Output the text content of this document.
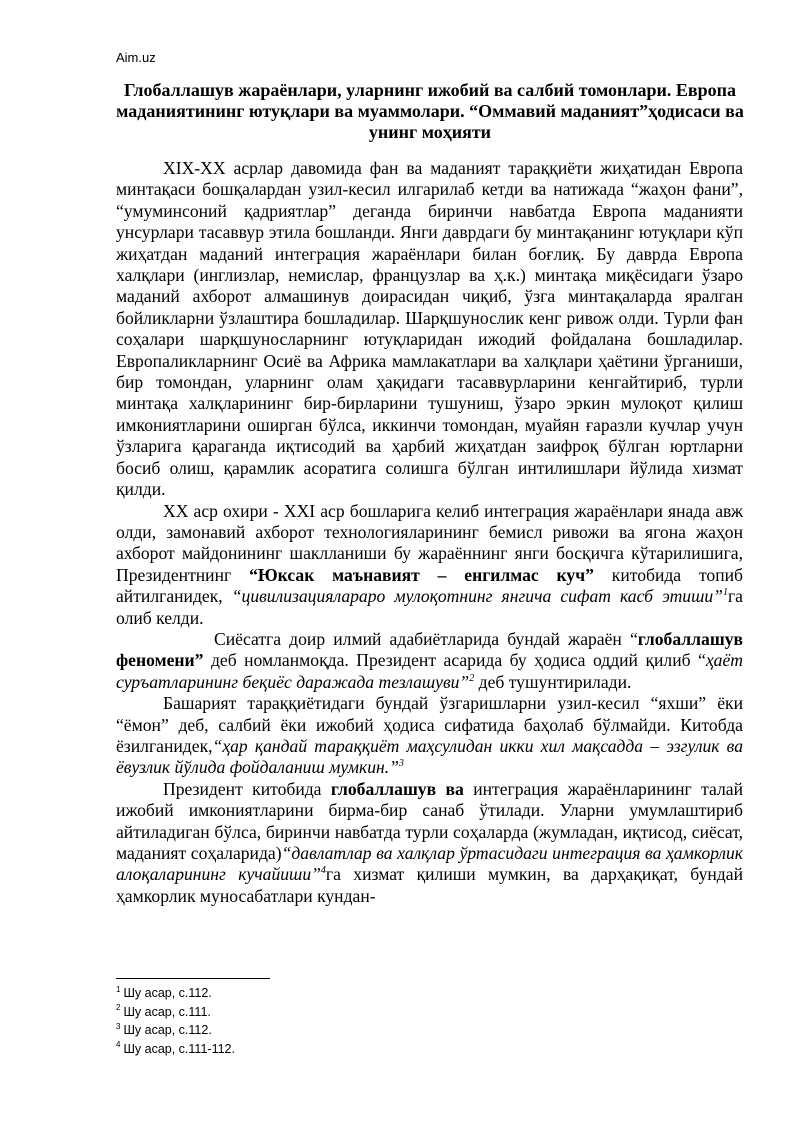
Aim.uz
Глобаллашув жараёнлари, уларнинг ижобий ва салбий томонлари. Европа маданиятининг ютуқлари ва муаммолари. “Оммавий маданият”ҳодисаси ва унинг моҳияти

XIX-XX асрлар давомида фан ва маданият тараққиёти жиҳатидан Европа минтақаси бошқалардан узил-кесил илгарилаб кетди ва натижада “жаҳон фани”, “умуминсоний қадриятлар” деганда биринчи навбатда Европа маданияти унсурлари тасаввур этила бошланди. Янги даврдаги бу минтақанинг ютуқлари кўп жиҳатдан маданий интеграция жараёнлари билан боғлиқ. Бу даврда Европа халқлари (инглизлар, немислар, французлар ва ҳ.к.) минтақа миқёсидаги ўзаро маданий ахборот алмашинув доирасидан чиқиб, ўзга минтақаларда яралган бойликларни ўзлаштира бошладилар. Шарқшунослик кенг ривож олди. Турли фан соҳалари шарқшуносларнинг ютуқларидан ижодий фойдалана бошладилар. Европаликларнинг Осиё ва Африка мамлакатлари ва халқлари ҳаётини ўрганиши, бир томондан, уларнинг олам ҳақидаги тасаввурларини кенгайтириб, турли минтақа халқларининг бир-бирларини тушуниш, ўзаро эркин мулоқот қилиш имкониятларини оширган бўлса, иккинчи томондан, муайян ғаразли кучлар учун ўзларига қараганда иқтисодий ва ҳарбий жиҳатдан заифроқ бўлган юртларни босиб олиш, қарамлик асоратига солишга бўлган интилишлари йўлида хизмат қилди.

XX аср охири - XXI аср бошларига келиб интеграция жараёнлари янада авж олди, замонавий ахборот технологияларининг бемисл ривожи ва ягона жаҳон ахборот майдонининг шаклланиши бу жараённинг янги босқичга кўтарилишига, Президентнинг “Юксак маънавият – енгилмас куч” китобида топиб айтилганидек, “цивилизациялараро мулоқотнинг янгича сифат касб этиши”$^1$га олиб келди.

Сиёсатга доир илмий адабиётларида бундай жараён “глобаллашув феномени” деб номланмоқда. Президент асарида бу ҳодиса оддий қилиб “ҳаёт суръатларининг беқиёс даражада тезлашуви”$^2$ деб тушунтирилади.

Башарият тараққиётидаги бундай ўзгаришларни узил-кесил “яхши” ёки “ёмон” деб, салбий ёки ижобий ҳодиса сифатида баҳолаб бўлмайди. Китобда ёзилганидек,“ҳар қандай тараққиёт маҳсулидан икки хил мақсадда – эзгулик ва ёвузлик йўлида фойдаланиш мумкин.”$^3$

Президент китобида глобаллашув ва интеграция жараёнларининг талай ижобий имкониятларини бирма-бир санаб ўтилади. Уларни умумлаштириб айтиладиган бўлса, биринчи навбатда турли соҳаларда (жумладан, иқтисод, сиёсат, маданият соҳаларида)“давлатлар ва халқлар ўртасидаги интеграция ва ҳамкорлик алоқаларининг кучайиши”$^4$га хизмат қилиши мумкин, ва дарҳақиқат, бундай ҳамкорлик муносабатлари кундан-

$^1$ Шу асар, с.112.
$^2$ Шу асар, с.111.
$^3$ Шу асар, с.112.
$^4$ Шу асар, с.111-112.
